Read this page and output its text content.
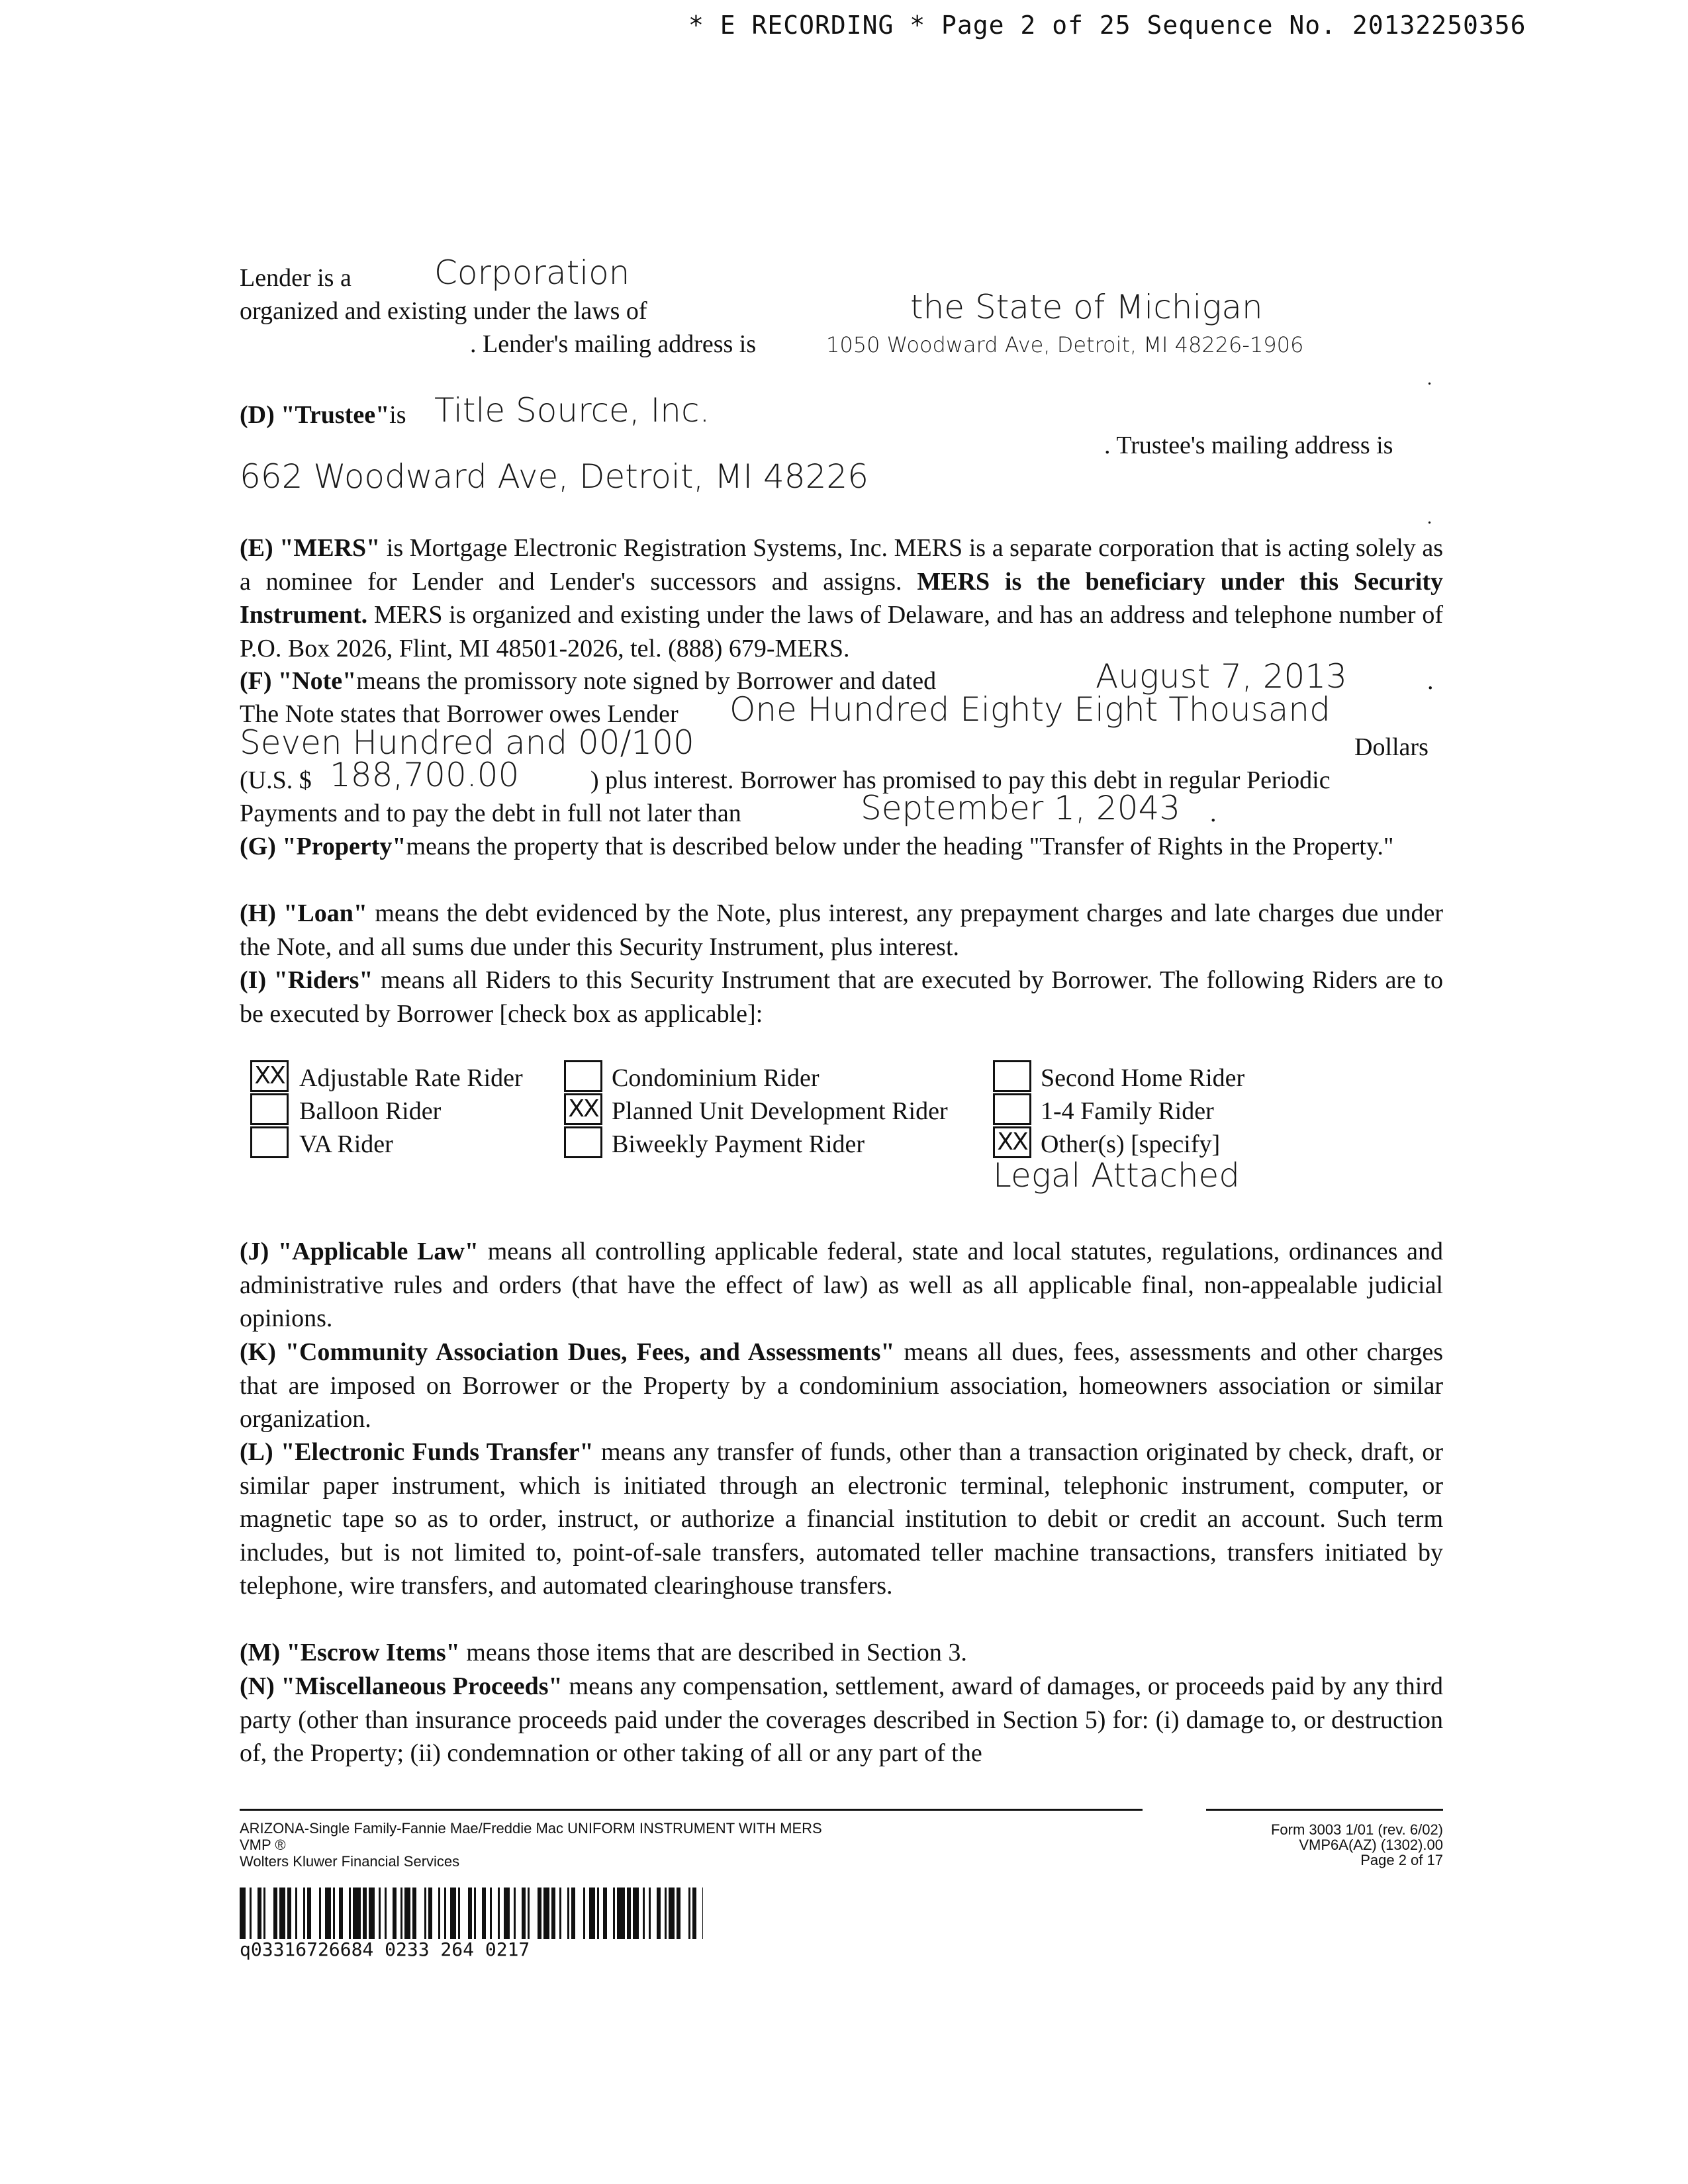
* E RECORDING * Page 2 of 25 Sequence No. 20132250356
Lender is a	Corporation
organized and existing under the laws of	the State of Michigan
. Lender's mailing address is	1050 Woodward Ave, Detroit, MI 48226-1906
.
(D) "Trustee"is Title Source, Inc.
. Trustee's mailing address is
662 Woodward Ave, Detroit, MI 48226
.
(E) "MERS" is Mortgage Electronic Registration Systems, Inc. MERS is a separate corporation that is acting solely as a nominee for Lender and Lender's successors and assigns. MERS is the beneficiary under this Security Instrument. MERS is organized and existing under the laws of Delaware, and has an address and telephone number of P.O. Box 2026, Flint, MI 48501-2026, tel. (888) 679-MERS.
(F) "Note"means the promissory note signed by Borrower and dated	August 7, 2013	.
The Note states that Borrower owes Lender One Hundred Eighty Eight Thousand
Seven Hundred and 00/100	Dollars
(U.S. $ 188,700.00	) plus interest. Borrower has promised to pay this debt in regular Periodic
Payments and to pay the debt in full not later than	September 1, 2043 .
(G) "Property"means the property that is described below under the heading "Transfer of Rights in the Property."
(H) "Loan" means the debt evidenced by the Note, plus interest, any prepayment charges and late charges due under the Note, and all sums due under this Security Instrument, plus interest.
(I) "Riders" means all Riders to this Security Instrument that are executed by Borrower. The following Riders are to be executed by Borrower [check box as applicable]:
XX Adjustable Rate Rider	Condominium Rider	Second Home Rider
Balloon Rider	XX Planned Unit Development Rider	1-4 Family Rider
VA Rider	Biweekly Payment Rider	XX Other(s) [specify]
Legal Attached
(J) "Applicable Law" means all controlling applicable federal, state and local statutes, regulations, ordinances and administrative rules and orders (that have the effect of law) as well as all applicable final, non-appealable judicial opinions.
(K) "Community Association Dues, Fees, and Assessments" means all dues, fees, assessments and other charges that are imposed on Borrower or the Property by a condominium association, homeowners association or similar organization.
(L) "Electronic Funds Transfer" means any transfer of funds, other than a transaction originated by check, draft, or similar paper instrument, which is initiated through an electronic terminal, telephonic instrument, computer, or magnetic tape so as to order, instruct, or authorize a financial institution to debit or credit an account. Such term includes, but is not limited to, point-of-sale transfers, automated teller machine transactions, transfers initiated by telephone, wire transfers, and automated clearinghouse transfers.
(M) "Escrow Items" means those items that are described in Section 3.
(N) "Miscellaneous Proceeds" means any compensation, settlement, award of damages, or proceeds paid by any third party (other than insurance proceeds paid under the coverages described in Section 5) for: (i) damage to, or destruction of, the Property; (ii) condemnation or other taking of all or any part of the
ARIZONA-Single Family-Fannie Mae/Freddie Mac UNIFORM INSTRUMENT WITH MERS
VMP ®
Wolters Kluwer Financial Services
Form 3003 1/01 (rev. 6/02)
VMP6A(AZ) (1302).00
Page 2 of 17
q03316726684 0233 264 0217
